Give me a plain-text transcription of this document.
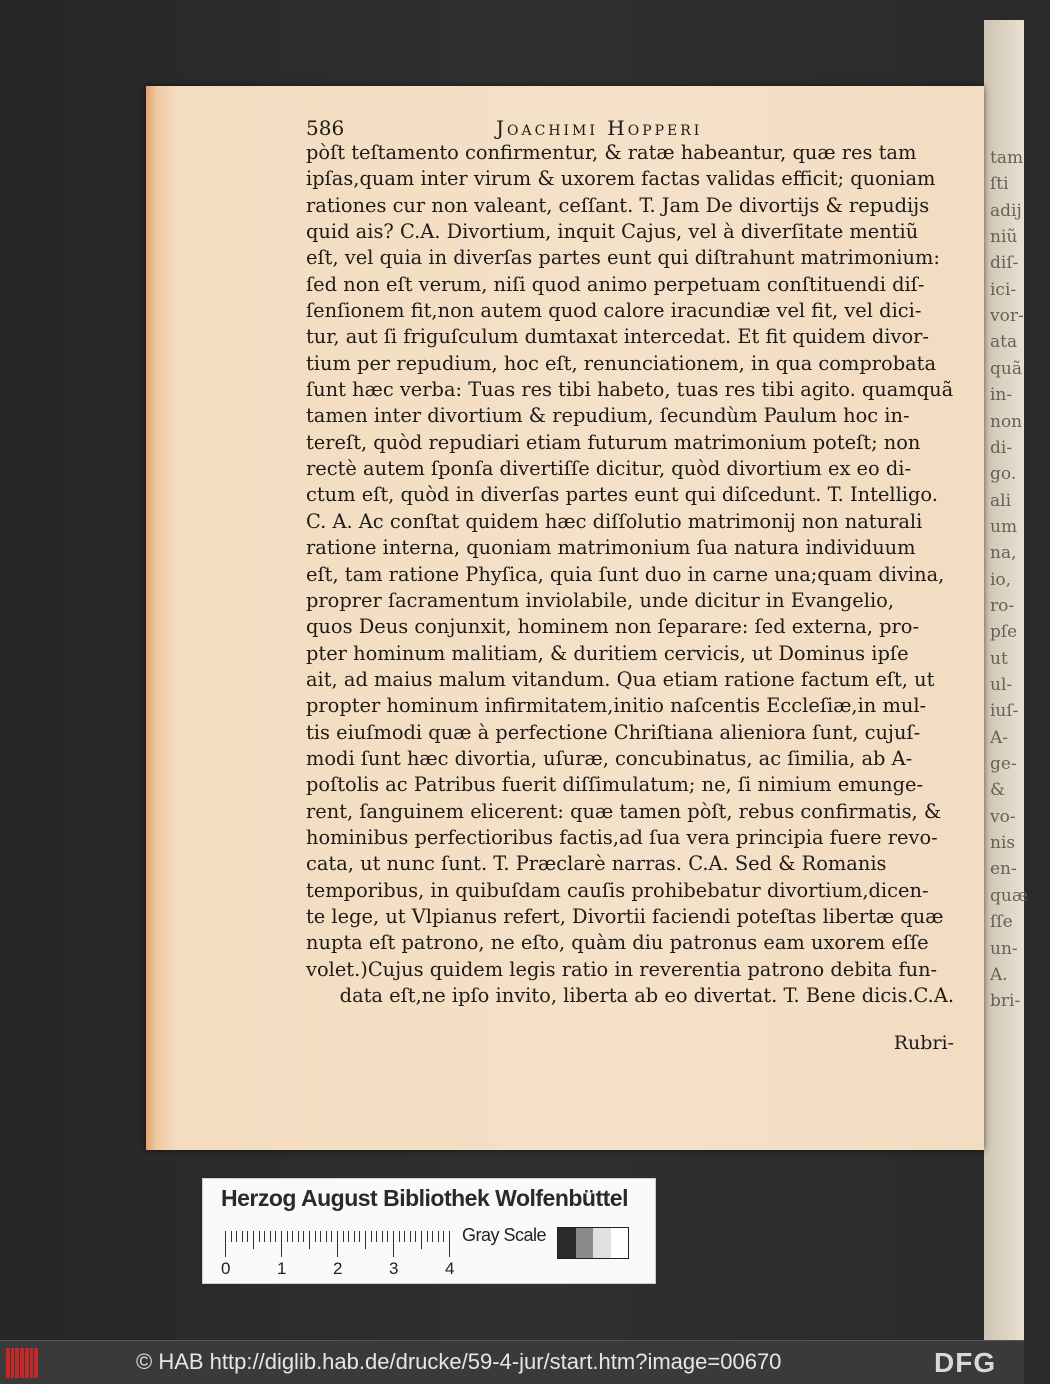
tam
ſti
adij
niũ
diſ-
ici-
vor-
ata
quã
in-
non
di-
go.
ali
um
na,
io,
ro-
pſe
ut
ul-
iuſ-
A-
ge-
&
vo-
nis
en-
quæ
ſſe
un-
A.
bri-
586	Joachimi Hopperi
pòſt teſtamento confirmentur, & ratæ habeantur, quæ res tam
ipſas,quam inter virum & uxorem factas validas efficit; quoniam
rationes cur non valeant, ceſſant. T. Jam De divortijs & repudijs
quid ais? C.A. Divortium, inquit Cajus, vel à diverſitate mentiũ
eſt, vel quia in diverſas partes eunt qui diſtrahunt matrimonium:
ſed non eſt verum, niſi quod animo perpetuam conſtituendi diſ-
ſenſionem fit,non autem quod calore iracundiæ vel fit, vel dici-
tur, aut ſi friguſculum dumtaxat intercedat. Et fit quidem divor-
tium per repudium, hoc eſt, renunciationem, in qua comprobata
ſunt hæc verba: Tuas res tibi habeto, tuas res tibi agito. quamquã
tamen inter divortium & repudium, ſecundùm Paulum hoc in-
tereſt, quòd repudiari etiam futurum matrimonium poteſt; non
rectè autem ſponſa divertiſſe dicitur, quòd divortium ex eo di-
ctum eſt, quòd in diverſas partes eunt qui diſcedunt. T. Intelligo.
C. A. Ac conſtat quidem hæc diſſolutio matrimonij non naturali
ratione interna, quoniam matrimonium ſua natura individuum
eſt, tam ratione Phyſica, quia ſunt duo in carne una;quam divina,
proprer ſacramentum inviolabile, unde dicitur in Evangelio,
quos Deus conjunxit, hominem non ſeparare: ſed externa, pro-
pter hominum malitiam, & duritiem cervicis, ut Dominus ipſe
ait, ad maius malum vitandum. Qua etiam ratione factum eſt, ut
propter hominum infirmitatem,initio naſcentis Eccleſiæ,in mul-
tis eiuſmodi quæ à perfectione Chriſtiana alieniora ſunt, cujuſ-
modi ſunt hæc divortia, uſuræ, concubinatus, ac ſimilia, ab A-
poſtolis ac Patribus fuerit diſſimulatum; ne, ſi nimium emunge-
rent, ſanguinem elicerent: quæ tamen pòſt, rebus confirmatis, &
hominibus perfectioribus factis,ad ſua vera principia fuere revo-
cata, ut nunc ſunt. T. Præclarè narras. C.A. Sed & Romanis
temporibus, in quibuſdam cauſis prohibebatur divortium,dicen-
te lege, ut Vlpianus refert, Divortii faciendi poteſtas libertæ quæ
nupta eſt patrono, ne eſto, quàm diu patronus eam uxorem eſſe
volet.)Cujus quidem legis ratio in reverentia patrono debita fun-
data eſt,ne ipſo invito, liberta ab eo divertat. T. Bene dicis.C.A.
Rubri-
Herzog August Bibliothek Wolfenbüttel
0	1	2	3	4
Gray Scale
© HAB http://diglib.hab.de/drucke/59-4-jur/start.htm?image=00670	DFG
